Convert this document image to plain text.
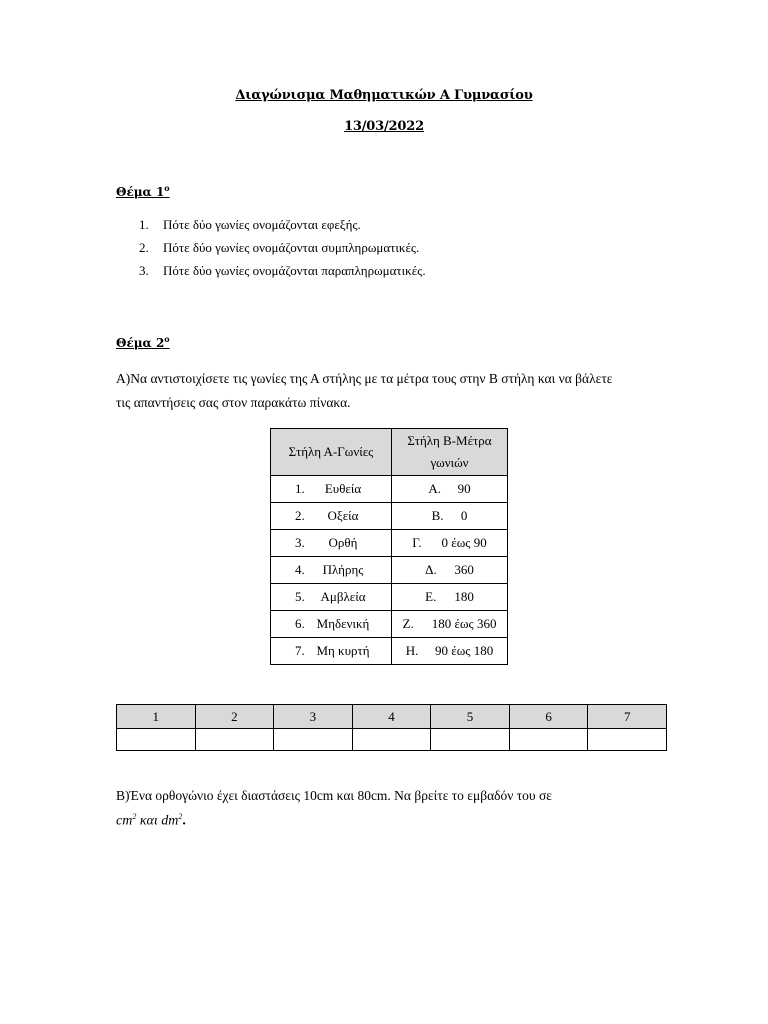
Διαγώνισμα Μαθηματικών Α Γυμνασίου
13/03/2022
Θέμα $1^o$
1. Πότε δύο γωνίες ονομάζονται εφεξής.
2. Πότε δύο γωνίες ονομάζονται συμπληρωματικές.
3. Πότε δύο γωνίες ονομάζονται παραπληρωματικές.
Θέμα $2^o$
Α)Να αντιστοιχίσετε τις γωνίες της Α στήλης με τα μέτρα τους στην Β στήλη και να βάλετε
τις απαντήσεις σας στον παρακάτω πίνακα.
Στήλη Α-Γωνίες	Στήλη Β-Μέτρα
γωνιών

1. Ευθεία	Α. 90

2. Οξεία	Β. 0

3. Ορθή	Γ. 0 έως 90

4. Πλήρης	Δ. 360

5. Αμβλεία	Ε. 180

6. Μηδενική	Ζ. 180 έως 360

7. Μη κυρτή	Η. 90 έως 180
1	2	3	4	5	6	7

Β)Ένα ορθογώνιο έχει διαστάσεις 10cm και 80cm. Να βρείτε το εμβαδόν του σε
$cm^2$ και $dm^2$.
